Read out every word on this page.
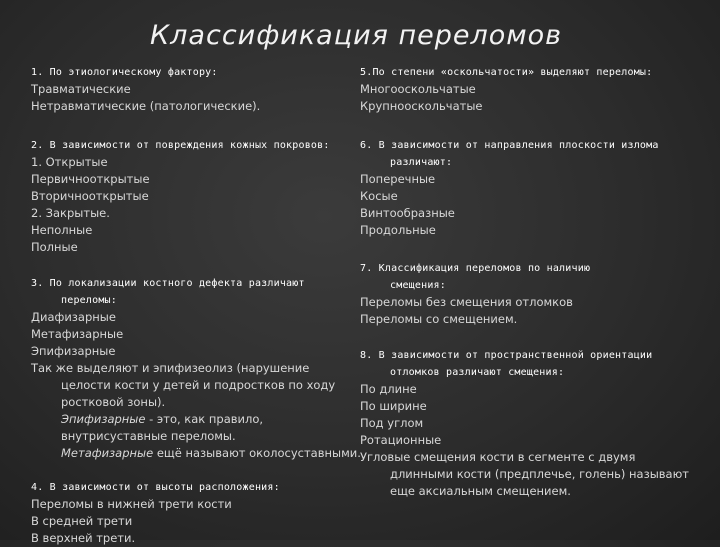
Классификация переломов
1. По этиологическому фактору:
Травматические
Нетравматические (патологические).
2. В зависимости от повреждения кожных покровов:
1. Открытые
Первичнооткрытые
Вторичнооткрытые
2. Закрытые.
Неполные
Полные
3. По локализации костного дефекта различают
переломы:
Диафизарные
Метафизарные
Эпифизарные
Так же выделяют и эпифизеолиз (нарушение целости кости у детей и подростков по ходу ростковой зоны).
Эпифизарные - это, как правило, внутрисуставные переломы.
Метафизарные ещё называют околосуставными.
4. В зависимости от высоты расположения:
Переломы в нижней трети кости
В средней трети
В верхней трети.
5.По степени «оскольчатости» выделяют переломы:
Многооскольчатые
Крупнооскольчатые
6. В зависимости от направления плоскости излома
различают:
Поперечные
Косые
Винтообразные
Продольные
7. Классификация переломов по наличию
смещения:
Переломы без смещения отломков
Переломы со смещением.
8. В зависимости от пространственной ориентации
отломков различают смещения:
По длине
По ширине
Под углом
Ротационные
Угловые смещения кости в сегменте с двумя длинными кости (предплечье, голень) называют еще аксиальным смещением.
